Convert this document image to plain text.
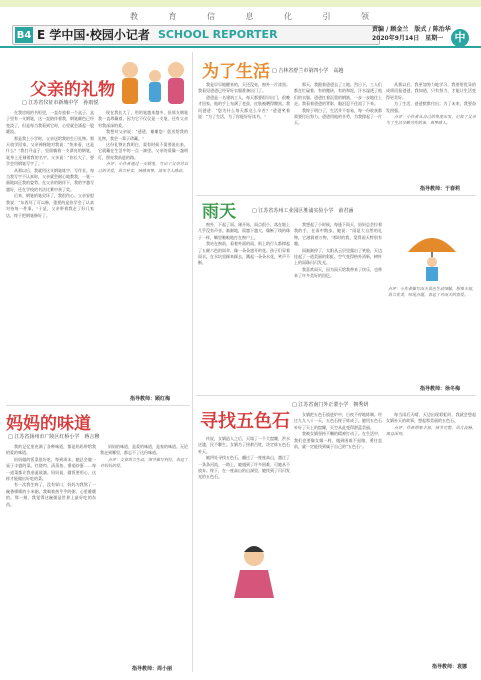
教	育	信	息	化	引	领
B4 E 学中国·校园小记者 SCHOOL REPORTER	责编 / 顾金兰　版式 / 陈治华
2020年9月14日　星期一	中
父亲的礼物
□ 江苏省仪征市新城中学　孙雨悦

在我房间的书柜里，一直存放着一个盒子，盒子里有一支钢笔，这一直陪伴着我，钢笔颜色已经变淡了，但是每当我看到它时，心里就会涌起一股暖流。

那是我上小学时，父亲送给我的生日礼物。那天放学回家，父亲神秘地对我说：“快来看，这是什么？”我打开盒子，里面躺着一支漂亮的钢笔，笔身上还刻着我的名字。父亲说：“你长大了，要学会用钢笔写字了。”

从那以后，我就用这支钢笔练字、写作业。每当我写字不认真时，父亲就会耐心地教我，一笔一画地纠正我的姿势。在父亲的陪伴下，我的字越写越好，还在学校的书法比赛中获了奖。

后来，钢笔的笔尖坏了，我很伤心。父亲安慰我说：“东西坏了可以修，重要的是你学会了认真对待每一件事。”于是，父亲带着我走了好几家店，终于把钢笔修好了。

现在我长大了，用的笔越来越多，但那支钢笔我一直珍藏着。因为它不仅仅是一支笔，还有父亲对我深深的爱。

我想对父亲说：“爸爸，谢谢您！您送给我的礼物，我会一辈子珍藏。”

这份礼物让我明白，爱有时候不需要说出来，它就藏在生活中的一点一滴里。父亲的爱像一盏明灯，照亮我前进的路。

点评：小作者通过一支钢笔，写出了父亲对自己的关爱，语言朴实，情感真挚，读来令人感动。

指导教师：顾红梅
妈妈的味道
□ 江苏省扬州市广陵区红桥小学　蒋言穆

我的记忆里充满了各种味道，都是妈妈带给我的爱的味道。

妈妈做的饭菜很好吃，每到周末，她总会做一桌子丰盛的菜。红烧肉、清蒸鱼、番茄炒蛋……每一道菜都让我垂涎欲滴。妈妈说，做饭要用心，这样才能做出好吃的菜。

有一次我生病了，没有胃口，妈妈为我熬了一碗香喷喷的小米粥。我喝着热乎乎的粥，心里暖暖的。那一刻，我觉得这碗粥是世界上最好吃的东西。

妈妈的味道，是爱的味道，是家的味道。无论我走到哪里，都忘不了这份味道。

点评：文章语言生动，细节描写到位，表达了对妈妈的爱。

指导教师：周小丽
为了生活 □ 吉林省舒兰市第四小学　高越

我是早早地醒来的，天还没亮，窗外一片漆黑。我看见爸爸已经穿好衣服准备出门了。

爸爸是一名建筑工人，每天都要很早出门，很晚才回家。他的手上布满了老茧，皮肤被晒得黝黑。我问爸爸：“您为什么每天都这么辛苦？”爸爸笑着说：“为了生活，为了你能好好读书。”

那天，我跟着爸爸去了工地。烈日下，工人们都在忙碌着，有的搬砖，有的和泥，汗水湿透了他们的衣服。爸爸扛着沉重的钢筋，一步一步地往上走。我看着爸爸的背影，眼泪忍不住流了下来。

我终于明白了，生活并不容易，每一份收获都需要付出努力。爸爸用他的辛劳，为我撑起了一片天。

从那以后，我更加努力地学习，我要用优异的成绩回报爸爸。我知道，只有努力，才能让生活变得更美好。

为了生活，爸爸默默付出；为了未来，我要奋发图强。

点评：小作者从自己的角度出发，记叙了父亲为了生活辛勤劳作的事，真挚感人。

指导教师：于春莉
雨天	□ 江苏省苏州工业园区胜浦实验小学　俞君涵

窗外，下起了雨。刚开始，雨点很小，落在地上几乎没有声音。渐渐地，雨越下越大，像断了线的珠子一样，噼里啪啦地打在窗户上。

我站在窗前，看着外面的雨。街上的行人都撑起了五颜六色的雨伞，像一朵朵盛开的花。孩子们穿着雨衣，在水坑里踩来踩去，溅起一朵朵水花，笑声不断。

我想起了小时候，每逢下雨天，妈妈总会拉着我的手，在雨中散步。她说：“雨是大自然的礼物，它滋润着万物。”那时的我，觉得雨天特别有趣。

雨渐渐停了，太阳从云层里露出了笑脸，天边挂起了一道美丽的彩虹。空气变得格外清新，树叶上的雨珠闪闪发光。

我喜欢雨天，因为雨天给我带来了快乐，也带来了许多美好的回忆。

点评：小作者描写雨天景色生动细腻，想象丰富，语言优美，结尾点题，表达了对雨天的喜爱。
指导教师：徐冬梅
寻找五色石
□ 江苏省南门外正蒙小学　朝秀妍

传说，女娲造人之后，天塌了一个大窟窿，洪水泛滥，民不聊生。女娲为了拯救百姓，决定炼五色石补天。

她四处寻找五色石，翻过了一座座高山，越过了一条条河流。一路上，她遇到了许多困难，可她从不放弃。终于，在一座高山的山洞里，她找到了闪闪发光的五色石。

女娲把五色石放进炉中，日夜不停地炼制。经过九九八十一天，五色石终于炼成了。她用五色石补好了天上的窟窿，天空从此变得湛蓝美丽。

我被女娲坚持不懈的精神打动了。在生活中，我们也要像女娲一样，遇到困难不退缩，勇往直前，就一定能找到属于自己的“五色石”。

每当雨后天晴，天边出现彩虹时，我就会想起女娲补天的故事，想起那美丽的五色石。

点评：作者想象丰富，情节完整，语言流畅，寓意深刻。

指导教师：袁娜
